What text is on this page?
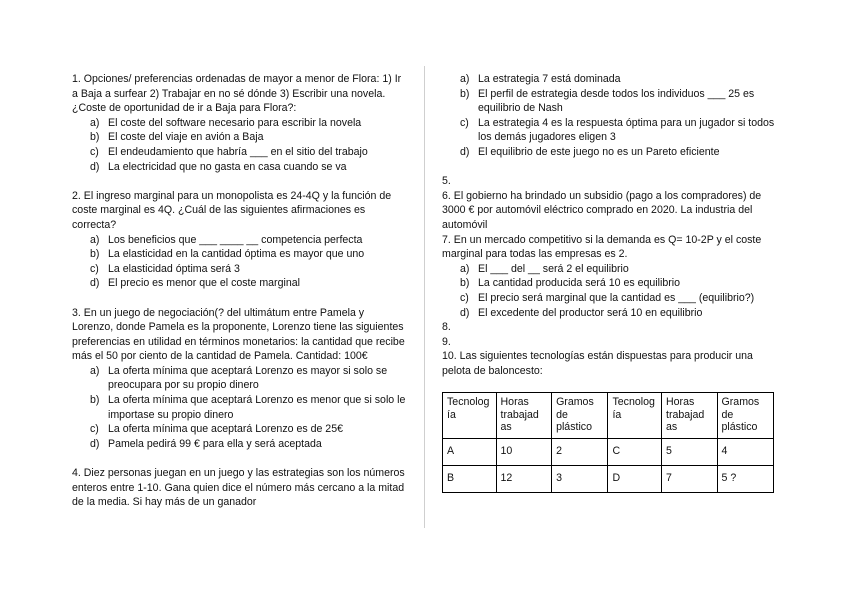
1. Opciones/ preferencias ordenadas de mayor a menor de Flora: 1) Ir a Baja a surfear 2) Trabajar en no sé dónde 3) Escribir una novela. ¿Coste de oportunidad de ir a Baja para Flora?:

a) El coste del software necesario para escribir la novela
b) El coste del viaje en avión a Baja
c) El endeudamiento que habría ___ en el sitio del trabajo
d) La electricidad que no gasta en casa cuando se va

2. El ingreso marginal para un monopolista es 24-4Q y la función de coste marginal es 4Q. ¿Cuál de las siguientes afirmaciones es correcta?

a) Los beneficios que ___ ____ __ competencia perfecta
b) La elasticidad en la cantidad óptima es mayor que uno
c) La elasticidad óptima será 3
d) El precio es menor que el coste marginal

3. En un juego de negociación(? del ultimátum entre Pamela y Lorenzo, donde Pamela es la proponente, Lorenzo tiene las siguientes preferencias en utilidad en términos monetarios: la cantidad que recibe más el 50 por ciento de la cantidad de Pamela. Cantidad: 100€

a) La oferta mínima que aceptará Lorenzo es mayor si solo se preocupara por su propio dinero
b) La oferta mínima que aceptará Lorenzo es menor que si solo le importase su propio dinero
c) La oferta mínima que aceptará Lorenzo es de 25€
d) Pamela pedirá 99 € para ella y será aceptada

4. Diez personas juegan en un juego y las estrategias son los números enteros entre 1-10. Gana quien dice el número más cercano a la mitad de la media. Si hay más de un ganador

a) La estrategia 7 está dominada
b) El perfil de estrategia desde todos los individuos ___ 25 es equilibrio de Nash
c) La estrategia 4 es la respuesta óptima para un jugador si todos los demás jugadores eligen 3
d) El equilibrio de este juego no es un Pareto eficiente

5.

6. El gobierno ha brindado un subsidio (pago a los compradores) de 3000 € por automóvil eléctrico comprado en 2020. La industria del automóvil

7. En un mercado competitivo si la demanda es Q= 10-2P y el coste marginal para todas las empresas es 2.

a) El ___ del __ será 2 el equilibrio
b) La cantidad producida será 10 es equilibrio
c) El precio será marginal que la cantidad es ___ (equilibrio?)
d) El excedente del productor será 10 en equilibrio

8.

9.

10. Las siguientes tecnologías están dispuestas para producir una pelota de baloncesto:

Tecnolog ía	Horas trabajad as	Gramos de plástico	Tecnolog ía	Horas trabajad as	Gramos de plástico
A	10	2	C	5	4
B	12	3	D	7	5 ?
